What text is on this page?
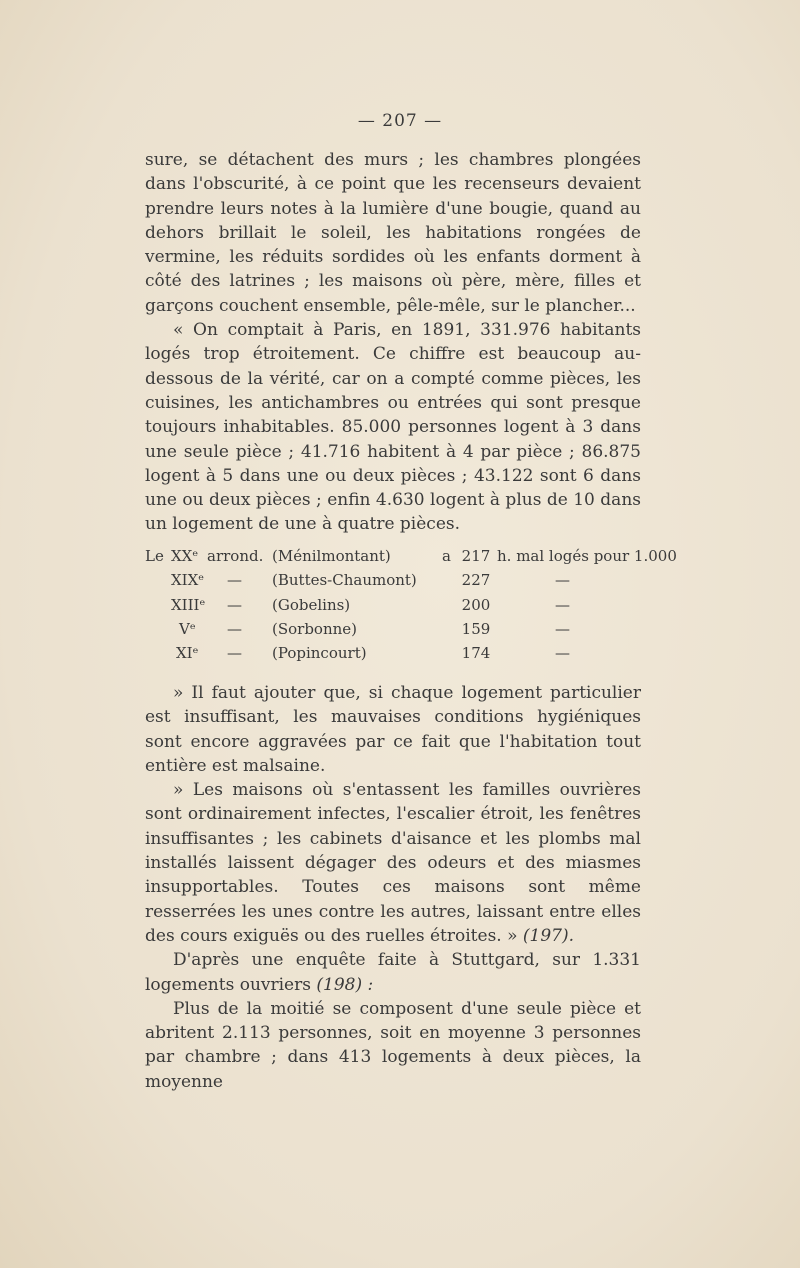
— 207 —

sure, se détachent des murs ; les chambres plongées dans l'obscurité, à ce point que les recenseurs devaient prendre leurs notes à la lumière d'une bougie, quand au dehors brillait le soleil, les habitations rongées de vermine, les réduits sordides où les enfants dorment à côté des latrines ; les maisons où père, mère, filles et garçons couchent ensemble, pêle-mêle, sur le plancher...

« On comptait à Paris, en 1891, 331.976 habitants logés trop étroitement. Ce chiffre est beaucoup au-dessous de la vérité, car on a compté comme pièces, les cuisines, les antichambres ou entrées qui sont presque toujours inhabitables. 85.000 personnes logent à 3 dans une seule pièce ; 41.716 habitent à 4 par pièce ; 86.875 logent à 5 dans une ou deux pièces ; 43.122 sont 6 dans une ou deux pièces ; enfin 4.630 logent à plus de 10 dans un logement de une à quatre pièces.

Le XXᵉ arrond. (Ménilmontant)	a 217 h. mal logés pour 1.000
XIXᵉ — (Buttes-Chaumont)	227	—
XIIIᵉ — (Gobelins)	200	—
Vᵉ — (Sorbonne)	159	—
XIᵉ — (Popincourt)	174	—

» Il faut ajouter que, si chaque logement particulier est insuffisant, les mauvaises conditions hygiéniques sont encore aggravées par ce fait que l'habitation tout entière est malsaine.

» Les maisons où s'entassent les familles ouvrières sont ordinairement infectes, l'escalier étroit, les fenêtres insuffisantes ; les cabinets d'aisance et les plombs mal installés laissent dégager des odeurs et des miasmes insupportables. Toutes ces maisons sont même resserrées les unes contre les autres, laissant entre elles des cours exiguës ou des ruelles étroites. » (197).

D'après une enquête faite à Stuttgard, sur 1.331 logements ouvriers (198) :

Plus de la moitié se composent d'une seule pièce et abritent 2.113 personnes, soit en moyenne 3 personnes par chambre ; dans 413 logements à deux pièces, la moyenne
